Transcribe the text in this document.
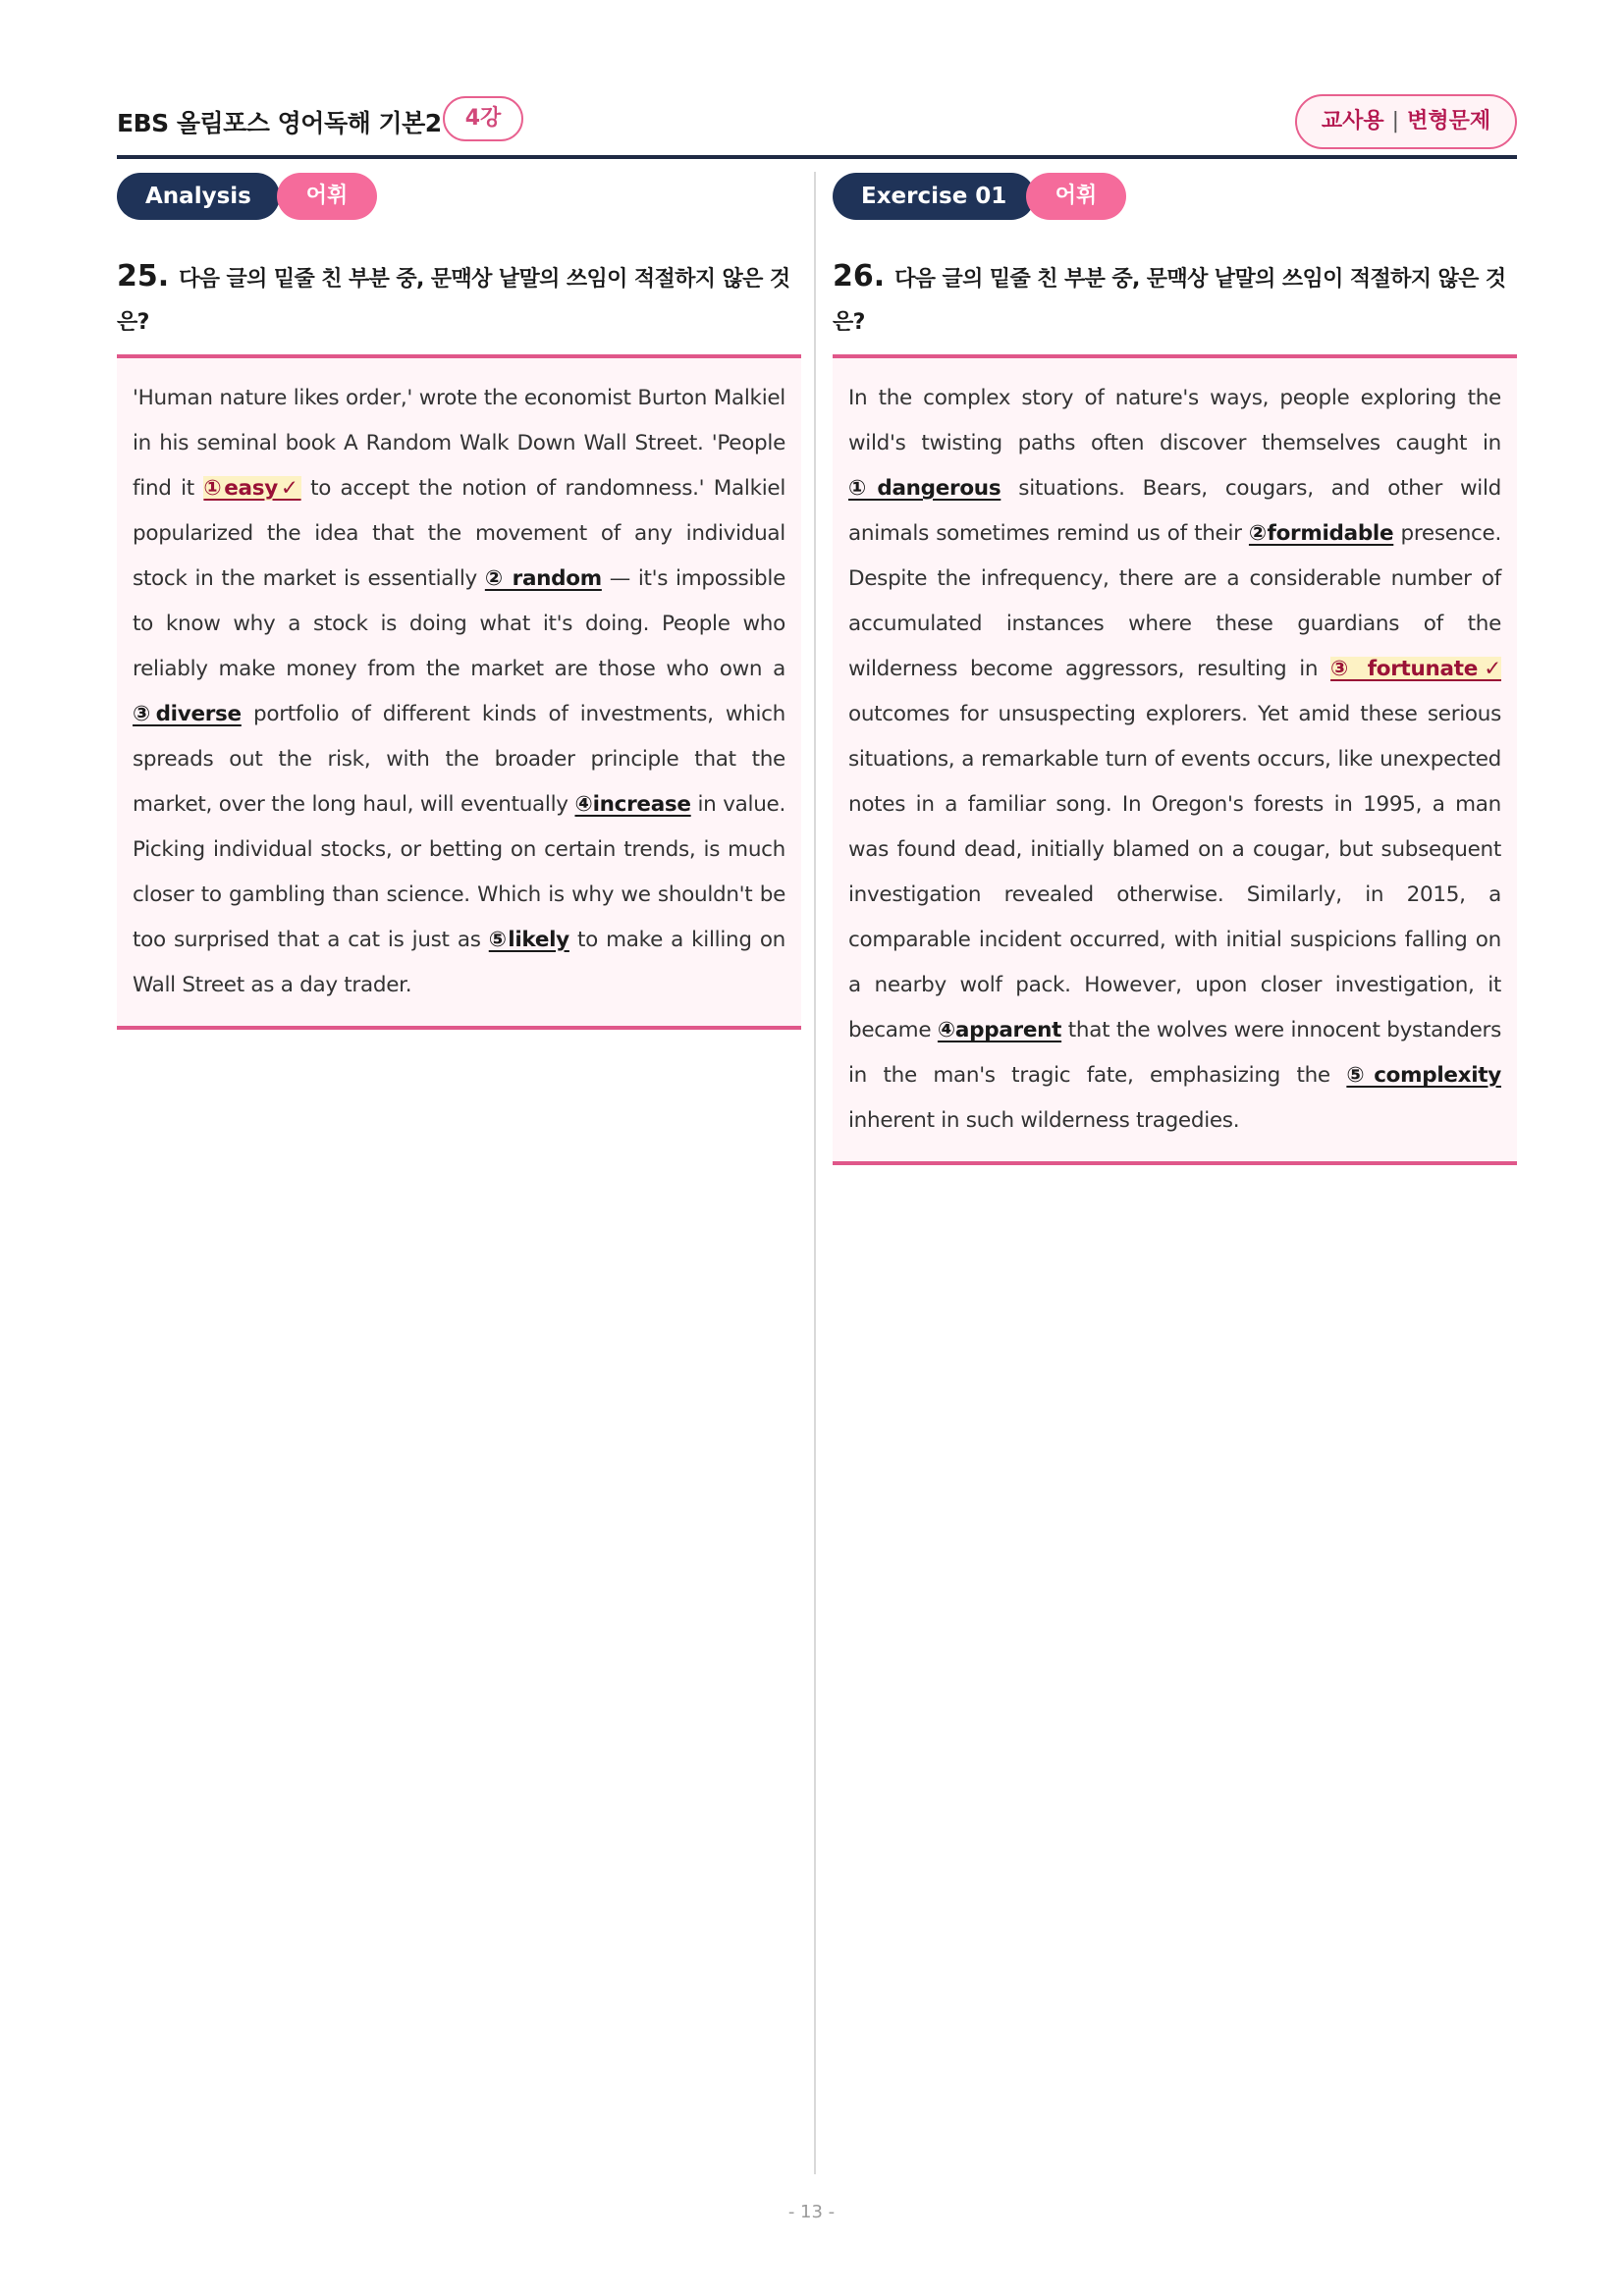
EBS 올림포스 영어독해 기본2	4강	교사용 | 변형문제
Analysis	어휘
25. 다음 글의 밑줄 친 부분 중, 문맥상 낱말의 쓰임이 적절하지 않은 것은?

'Human nature likes order,' wrote the economist Burton Malkiel in his seminal book A Random Walk Down Wall Street. 'People find it ①easy✓ to accept the notion of randomness.' Malkiel popularized the idea that the movement of any individual stock in the market is essentially ② random — it's impossible to know why a stock is doing what it's doing. People who reliably make money from the market are those who own a ③diverse portfolio of different kinds of investments, which spreads out the risk, with the broader principle that the market, over the long haul, will eventually ④increase in value. Picking individual stocks, or betting on certain trends, is much closer to gambling than science. Which is why we shouldn't be too surprised that a cat is just as ⑤likely to make a killing on Wall Street as a day trader.

Exercise 01	어휘
26. 다음 글의 밑줄 친 부분 중, 문맥상 낱말의 쓰임이 적절하지 않은 것은?

In the complex story of nature's ways, people exploring the wild's twisting paths often discover themselves caught in ①dangerous situations. Bears, cougars, and other wild animals sometimes remind us of their ②formidable presence. Despite the infrequency, there are a considerable number of accumulated instances where these guardians of the wilderness become aggressors, resulting in ③ fortunate✓ outcomes for unsuspecting explorers. Yet amid these serious situations, a remarkable turn of events occurs, like unexpected notes in a familiar song. In Oregon's forests in 1995, a man was found dead, initially blamed on a cougar, but subsequent investigation revealed otherwise. Similarly, in 2015, a comparable incident occurred, with initial suspicions falling on a nearby wolf pack. However, upon closer investigation, it became ④apparent that the wolves were innocent bystanders in the man's tragic fate, emphasizing the ⑤complexity inherent in such wilderness tragedies.

- 13 -
